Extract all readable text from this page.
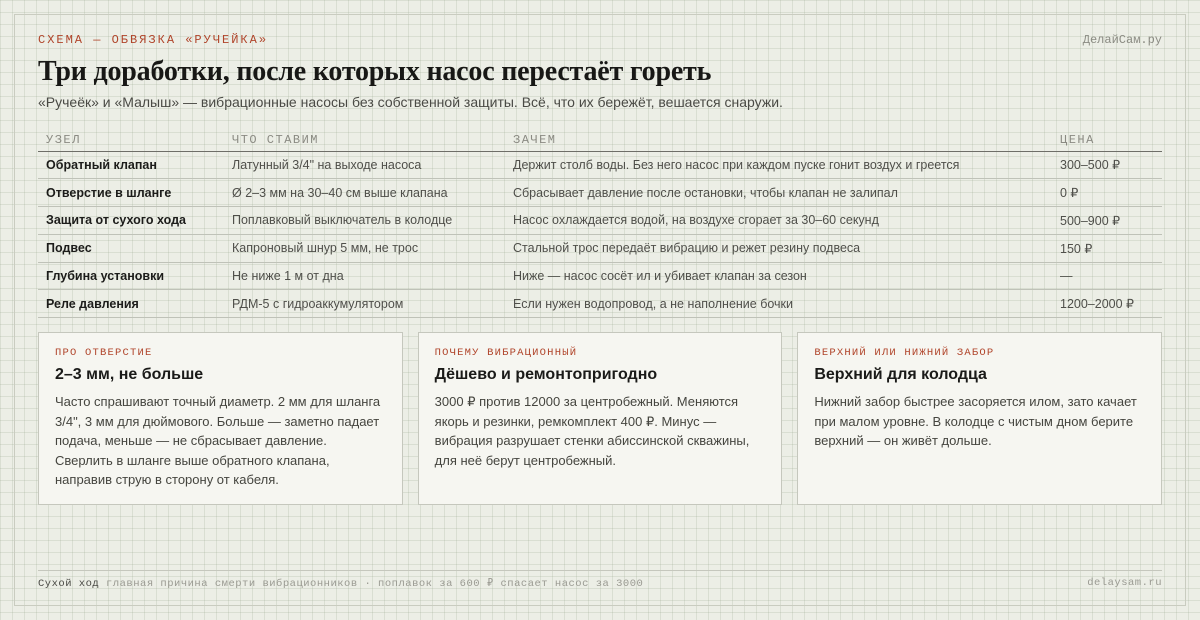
СХЕМА — ОБВЯЗКА «РУЧЕЙКА»	ДелайСам.ру
Три доработки, после которых насос перестаёт гореть

«Ручеёк» и «Малыш» — вибрационные насосы без собственной защиты. Всё, что их бережёт, вешается снаружи.

УЗЕЛ	ЧТО СТАВИМ	ЗАЧЕМ	ЦЕНА
Обратный клапан	Латунный 3/4" на выходе насоса	Держит столб воды. Без него насос при каждом пуске гонит воздух и греется	300–500 ₽
Отверстие в шланге	Ø 2–3 мм на 30–40 см выше клапана	Сбрасывает давление после остановки, чтобы клапан не залипал	0 ₽
Защита от сухого хода	Поплавковый выключатель в колодце	Насос охлаждается водой, на воздухе сгорает за 30–60 секунд	500–900 ₽
Подвес	Капроновый шнур 5 мм, не трос	Стальной трос передаёт вибрацию и режет резину подвеса	150 ₽
Глубина установки	Не ниже 1 м от дна	Ниже — насос сосёт ил и убивает клапан за сезон	—
Реле давления	РДМ-5 с гидроаккумулятором	Если нужен водопровод, а не наполнение бочки	1200–2000 ₽
ПРО ОТВЕРСТИЕ
2–3 мм, не больше
Часто спрашивают точный диаметр. 2 мм для шланга 3/4", 3 мм для дюймового. Больше — заметно падает подача, меньше — не сбрасывает давление. Сверлить в шланге выше обратного клапана, направив струю в сторону от кабеля.
ПОЧЕМУ ВИБРАЦИОННЫЙ
Дёшево и ремонтопригодно
3000 ₽ против 12000 за центробежный. Меняются якорь и резинки, ремкомплект 400 ₽. Минус — вибрация разрушает стенки абиссинской скважины, для неё берут центробежный.
ВЕРХНИЙ ИЛИ НИЖНИЙ ЗАБОР
Верхний для колодца
Нижний забор быстрее засоряется илом, зато качает при малом уровне. В колодце с чистым дном берите верхний — он живёт дольше.
Сухой ход главная причина смерти вибрационников · поплавок за 600 ₽ спасает насос за 3000	delaysam.ru
